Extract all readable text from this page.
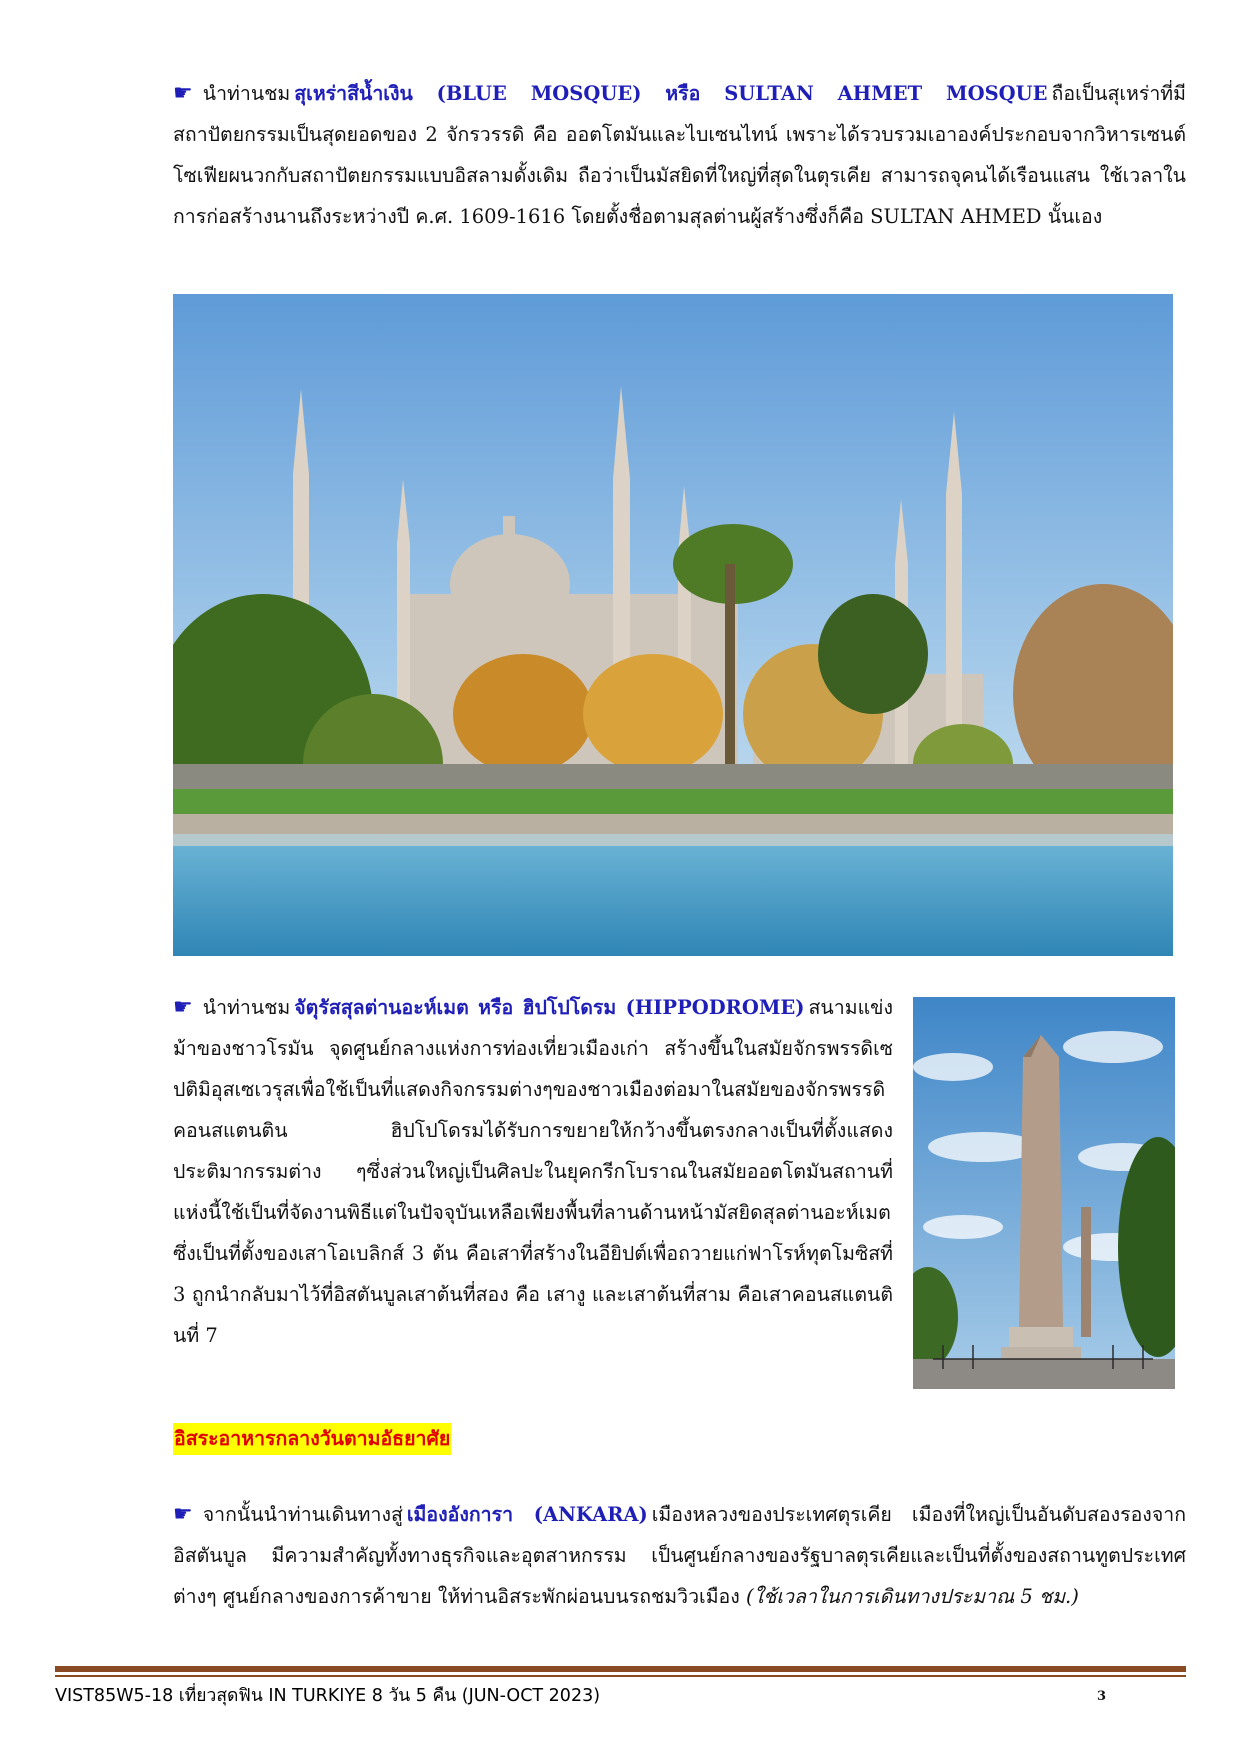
☛ นำท่านชม สุเหร่าสีน้ำเงิน (BLUE MOSQUE) หรือ SULTAN AHMET MOSQUE ถือเป็นสุเหร่าที่มีสถาปัตยกรรมเป็นสุดยอดของ 2 จักรวรรดิ คือ ออตโตมันและไบเซนไทน์ เพราะได้รวบรวมเอาองค์ประกอบจากวิหารเซนต์โซเฟียผนวกกับสถาปัตยกรรมแบบอิสลามดั้งเดิม ถือว่าเป็นมัสยิดที่ใหญ่ที่สุดในตุรเคีย สามารถจุคนได้เรือนแสน ใช้เวลาในการก่อสร้างนานถึงระหว่างปี ค.ศ. 1609-1616 โดยตั้งชื่อตามสุลต่านผู้สร้างซึ่งก็คือ SULTAN AHMED นั้นเอง

☛ นำท่านชม จัตุรัสสุลต่านอะห์เมต หรือ ฮิปโปโดรม (HIPPODROME) สนามแข่งม้าของชาวโรมัน จุดศูนย์กลางแห่งการท่องเที่ยวเมืองเก่า สร้างขึ้นในสมัยจักรพรรดิเซปติมิอุสเซเวรุสเพื่อใช้เป็นที่แสดงกิจกรรมต่างๆของชาวเมืองต่อมาในสมัยของจักรพรรดิคอนสแตนติน ฮิปโปโดรมได้รับการขยายให้กว้างขึ้นตรงกลางเป็นที่ตั้งแสดงประติมากรรมต่าง ๆซึ่งส่วนใหญ่เป็นศิลปะในยุคกรีกโบราณในสมัยออตโตมันสถานที่แห่งนี้ใช้เป็นที่จัดงานพิธีแต่ในปัจจุบันเหลือเพียงพื้นที่ลานด้านหน้ามัสยิดสุลต่านอะห์เมตซึ่งเป็นที่ตั้งของเสาโอเบลิกส์ 3 ต้น คือเสาที่สร้างในอียิปต์เพื่อถวายแก่ฟาโรห์ทุตโมซิสที่ 3 ถูกนำกลับมาไว้ที่อิสตันบูลเสาต้นที่สอง คือ เสางู และเสาต้นที่สาม คือเสาคอนสแตนตินที่ 7

อิสระอาหารกลางวันตามอัธยาศัย

☛ จากนั้นนำท่านเดินทางสู่ เมืองอังการา (ANKARA) เมืองหลวงของประเทศตุรเคีย เมืองที่ใหญ่เป็นอันดับสองรองจากอิสตันบูล มีความสำคัญทั้งทางธุรกิจและอุตสาหกรรม เป็นศูนย์กลางของรัฐบาลตุรเคียและเป็นที่ตั้งของสถานทูตประเทศต่างๆ ศูนย์กลางของการค้าขาย ให้ท่านอิสระพักผ่อนบนรถชมวิวเมือง (ใช้เวลาในการเดินทางประมาณ 5 ชม.)

VIST85W5-18 เที่ยวสุดฟิน IN TURKIYE 8 วัน 5 คืน (JUN-OCT 2023)	3
